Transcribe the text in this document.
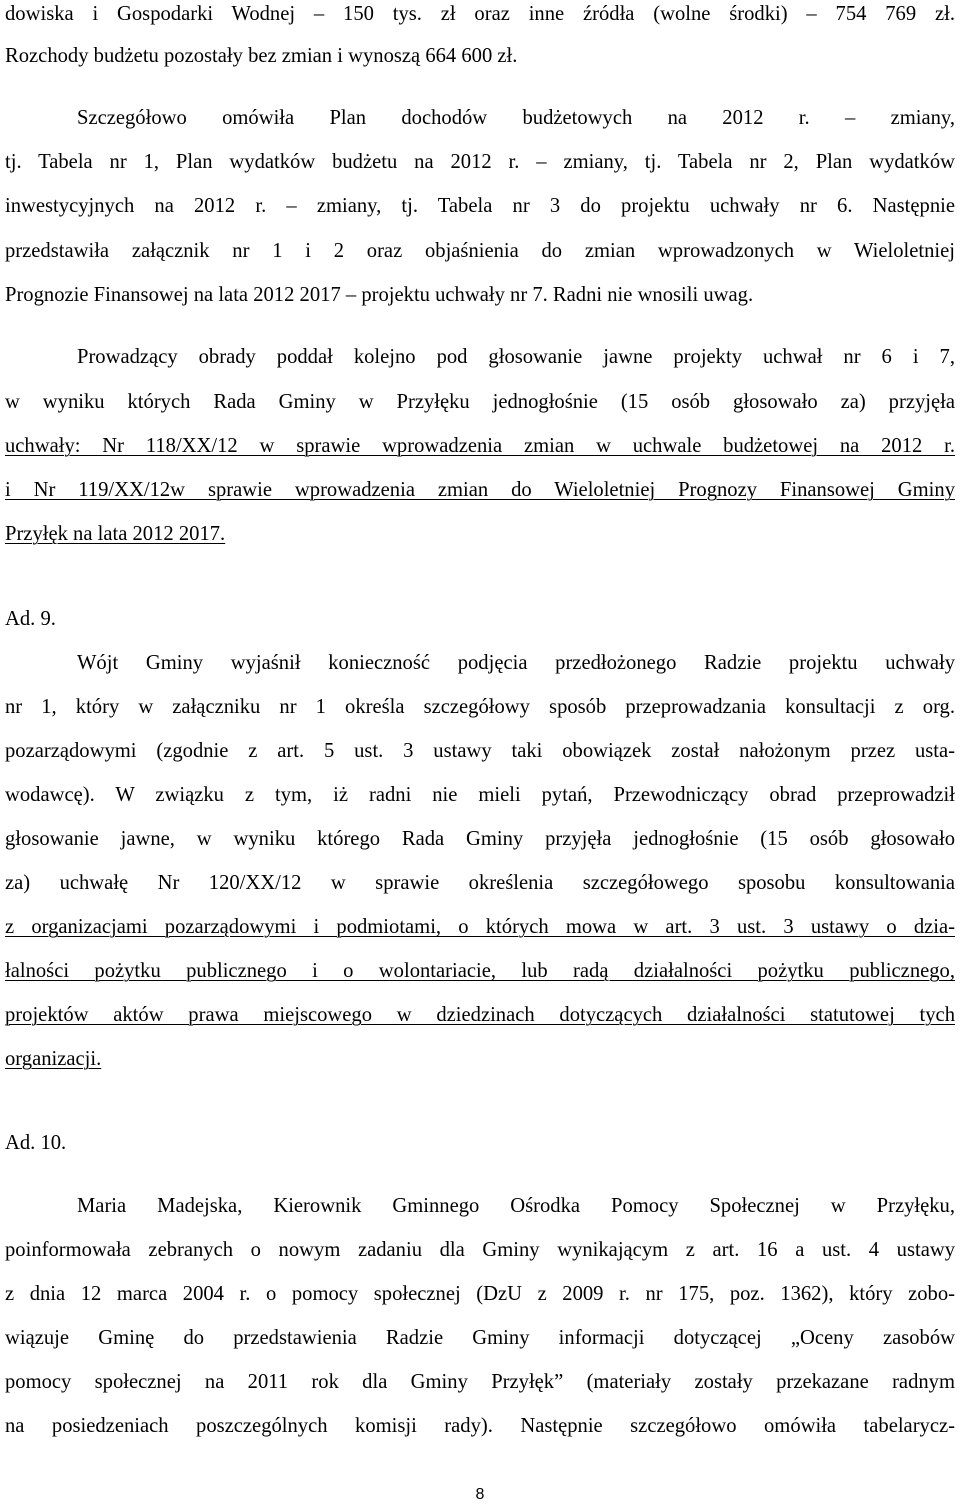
dowiska i Gospodarki Wodnej – 150 tys. zł oraz inne źródła (wolne środki) – 754 769 zł.
Rozchody budżetu pozostały bez zmian i wynoszą 664 600 zł.
Szczegółowo omówiła Plan dochodów budżetowych na 2012 r. – zmiany,
tj. Tabela nr 1, Plan wydatków budżetu na 2012 r. – zmiany, tj. Tabela nr 2, Plan wydatków
inwestycyjnych na 2012 r. – zmiany, tj. Tabela nr 3 do projektu uchwały nr 6. Następnie
przedstawiła załącznik nr 1 i 2 oraz objaśnienia do zmian wprowadzonych w Wieloletniej
Prognozie Finansowej na lata 2012 2017 – projektu uchwały nr 7. Radni nie wnosili uwag.
Prowadzący obrady poddał kolejno pod głosowanie jawne projekty uchwał nr 6 i 7,
w wyniku których Rada Gminy w Przyłęku jednogłośnie (15 osób głosowało za) przyjęła
uchwały: Nr 118/XX/12 w sprawie wprowadzenia zmian w uchwale budżetowej na 2012 r.
i Nr 119/XX/12w sprawie wprowadzenia zmian do Wieloletniej Prognozy Finansowej Gminy
Przyłęk na lata 2012 2017.
Ad. 9.
Wójt Gminy wyjaśnił konieczność podjęcia przedłożonego Radzie projektu uchwały
nr 1, który w załączniku nr 1 określa szczegółowy sposób przeprowadzania konsultacji z org.
pozarządowymi (zgodnie z art. 5 ust. 3 ustawy taki obowiązek został nałożonym przez usta-
wodawcę). W związku z tym, iż radni nie mieli pytań, Przewodniczący obrad przeprowadził
głosowanie jawne, w wyniku którego Rada Gminy przyjęła jednogłośnie (15 osób głosowało
za) uchwałę Nr 120/XX/12 w sprawie określenia szczegółowego sposobu konsultowania
z organizacjami pozarządowymi i podmiotami, o których mowa w art. 3 ust. 3 ustawy o dzia-
łalności pożytku publicznego i o wolontariacie, lub radą działalności pożytku publicznego,
projektów aktów prawa miejscowego w dziedzinach dotyczących działalności statutowej tych
organizacji.
Ad. 10.
Maria Madejska, Kierownik Gminnego Ośrodka Pomocy Społecznej w Przyłęku,
poinformowała zebranych o nowym zadaniu dla Gminy wynikającym z art. 16 a ust. 4 ustawy
z dnia 12 marca 2004 r. o pomocy społecznej (DzU z 2009 r. nr 175, poz. 1362), który zobo-
wiązuje Gminę do przedstawienia Radzie Gminy informacji dotyczącej „Oceny zasobów
pomocy społecznej na 2011 rok dla Gminy Przyłęk” (materiały zostały przekazane radnym
na posiedzeniach poszczególnych komisji rady). Następnie szczegółowo omówiła tabelarycz-
8
